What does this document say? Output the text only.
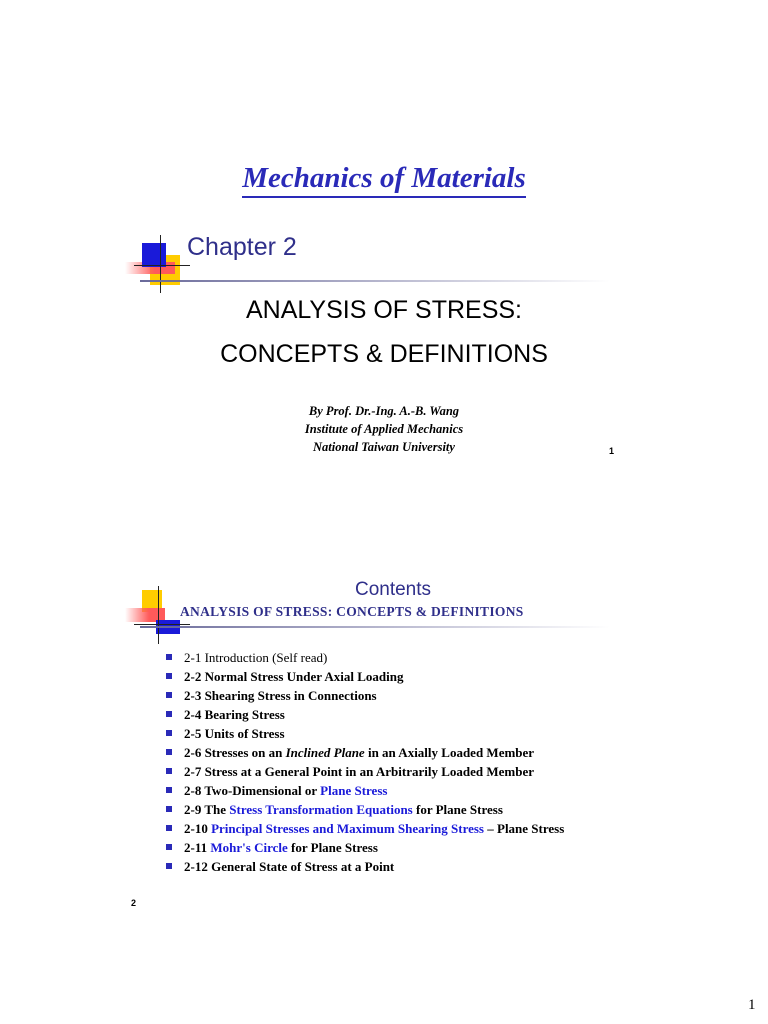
Mechanics of Materials
Chapter 2
ANALYSIS OF STRESS:
CONCEPTS & DEFINITIONS
By Prof. Dr.-Ing. A.-B. Wang
Institute of Applied Mechanics
National Taiwan University	1
Contents
ANALYSIS OF STRESS: CONCEPTS & DEFINITIONS
2-1 Introduction (Self read)
2-2 Normal Stress Under Axial Loading
2-3 Shearing Stress in Connections
2-4 Bearing Stress
2-5 Units of Stress
2-6 Stresses on an Inclined Plane in an Axially Loaded Member
2-7 Stress at a General Point in an Arbitrarily Loaded Member
2-8 Two-Dimensional or Plane Stress
2-9 The Stress Transformation Equations for Plane Stress
2-10 Principal Stresses and Maximum Shearing Stress – Plane Stress
2-11 Mohr's Circle for Plane Stress
2-12 General State of Stress at a Point
2
1
